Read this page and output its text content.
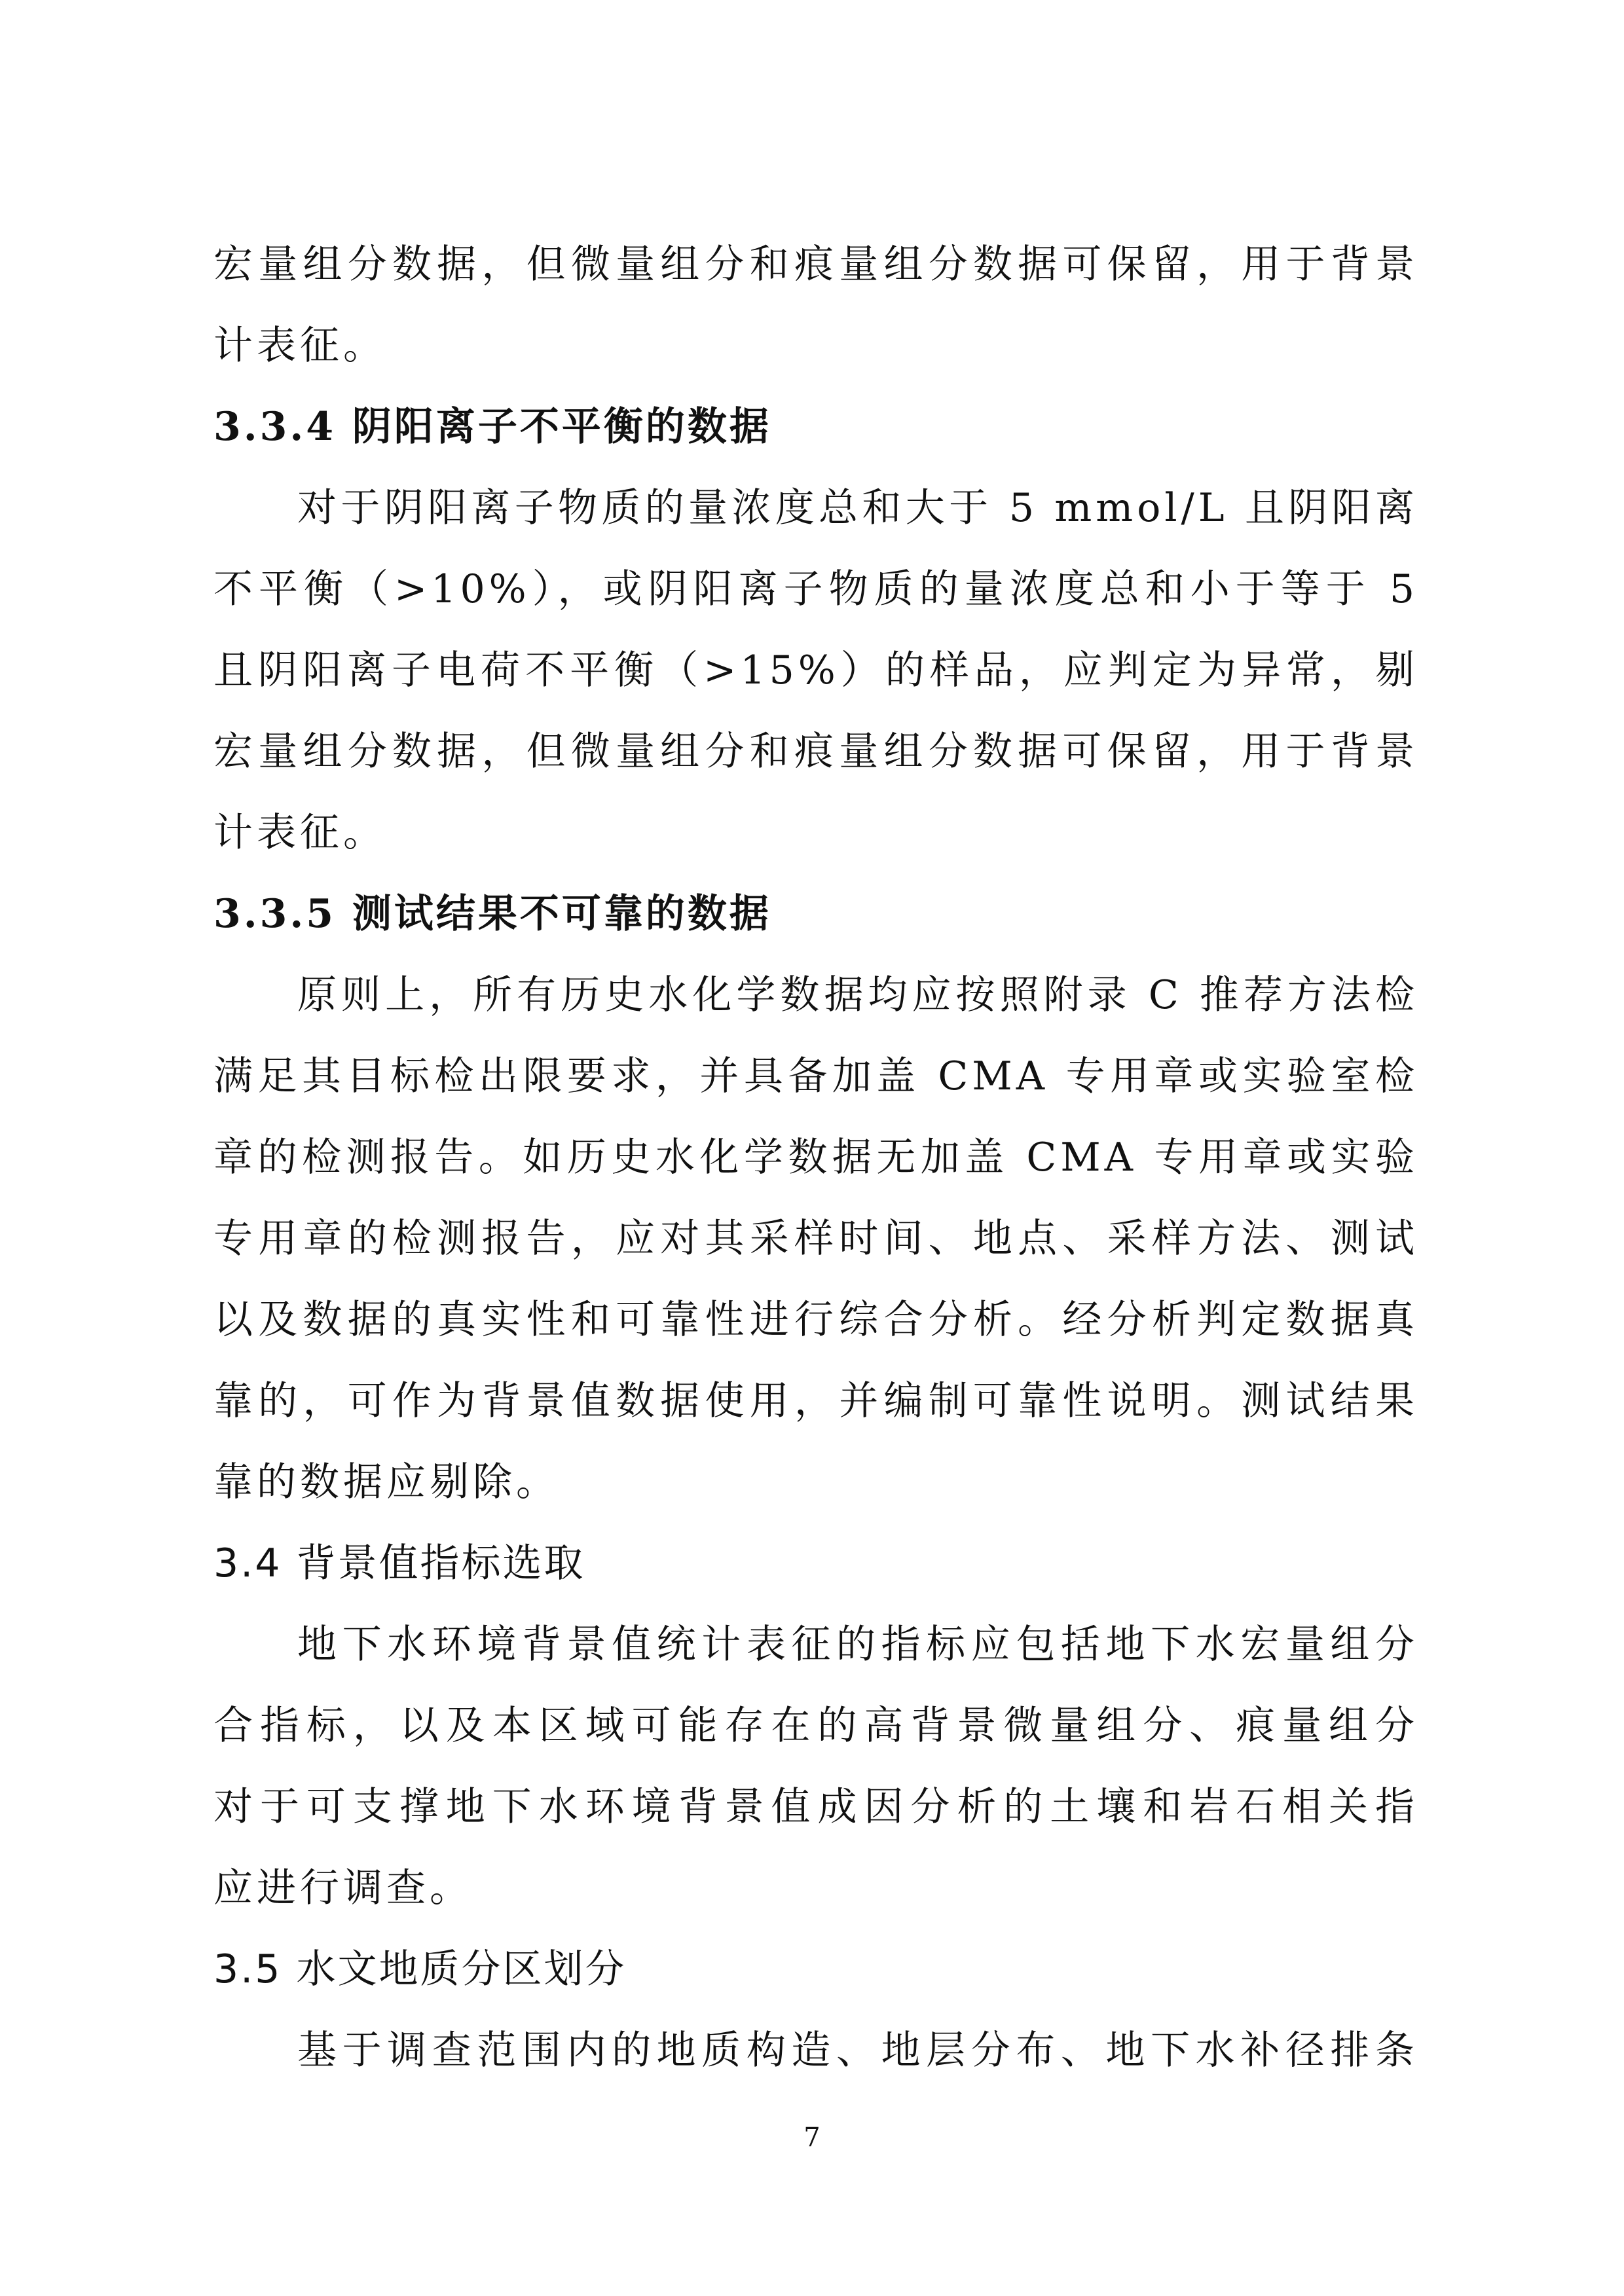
宏量组分数据，但微量组分和痕量组分数据可保留，用于背景
计表征。
3.3.4 阴阳离子不平衡的数据
对于阴阳离子物质的量浓度总和大于 5 mmol/L 且阴阳离
不平衡（>10%），或阴阳离子物质的量浓度总和小于等于 5
且阴阳离子电荷不平衡（>15%）的样品，应判定为异常，剔
宏量组分数据，但微量组分和痕量组分数据可保留，用于背景
计表征。
3.3.5 测试结果不可靠的数据
原则上，所有历史水化学数据均应按照附录 C 推荐方法检
满足其目标检出限要求，并具备加盖 CMA 专用章或实验室检
章的检测报告。如历史水化学数据无加盖 CMA 专用章或实验
专用章的检测报告，应对其采样时间、地点、采样方法、测试
以及数据的真实性和可靠性进行综合分析。经分析判定数据真
靠的，可作为背景值数据使用，并编制可靠性说明。测试结果
靠的数据应剔除。
3.4 背景值指标选取
地下水环境背景值统计表征的指标应包括地下水宏量组分
合指标，以及本区域可能存在的高背景微量组分、痕量组分
对于可支撑地下水环境背景值成因分析的土壤和岩石相关指
应进行调查。
3.5 水文地质分区划分
基于调查范围内的地质构造、地层分布、地下水补径排条
7
